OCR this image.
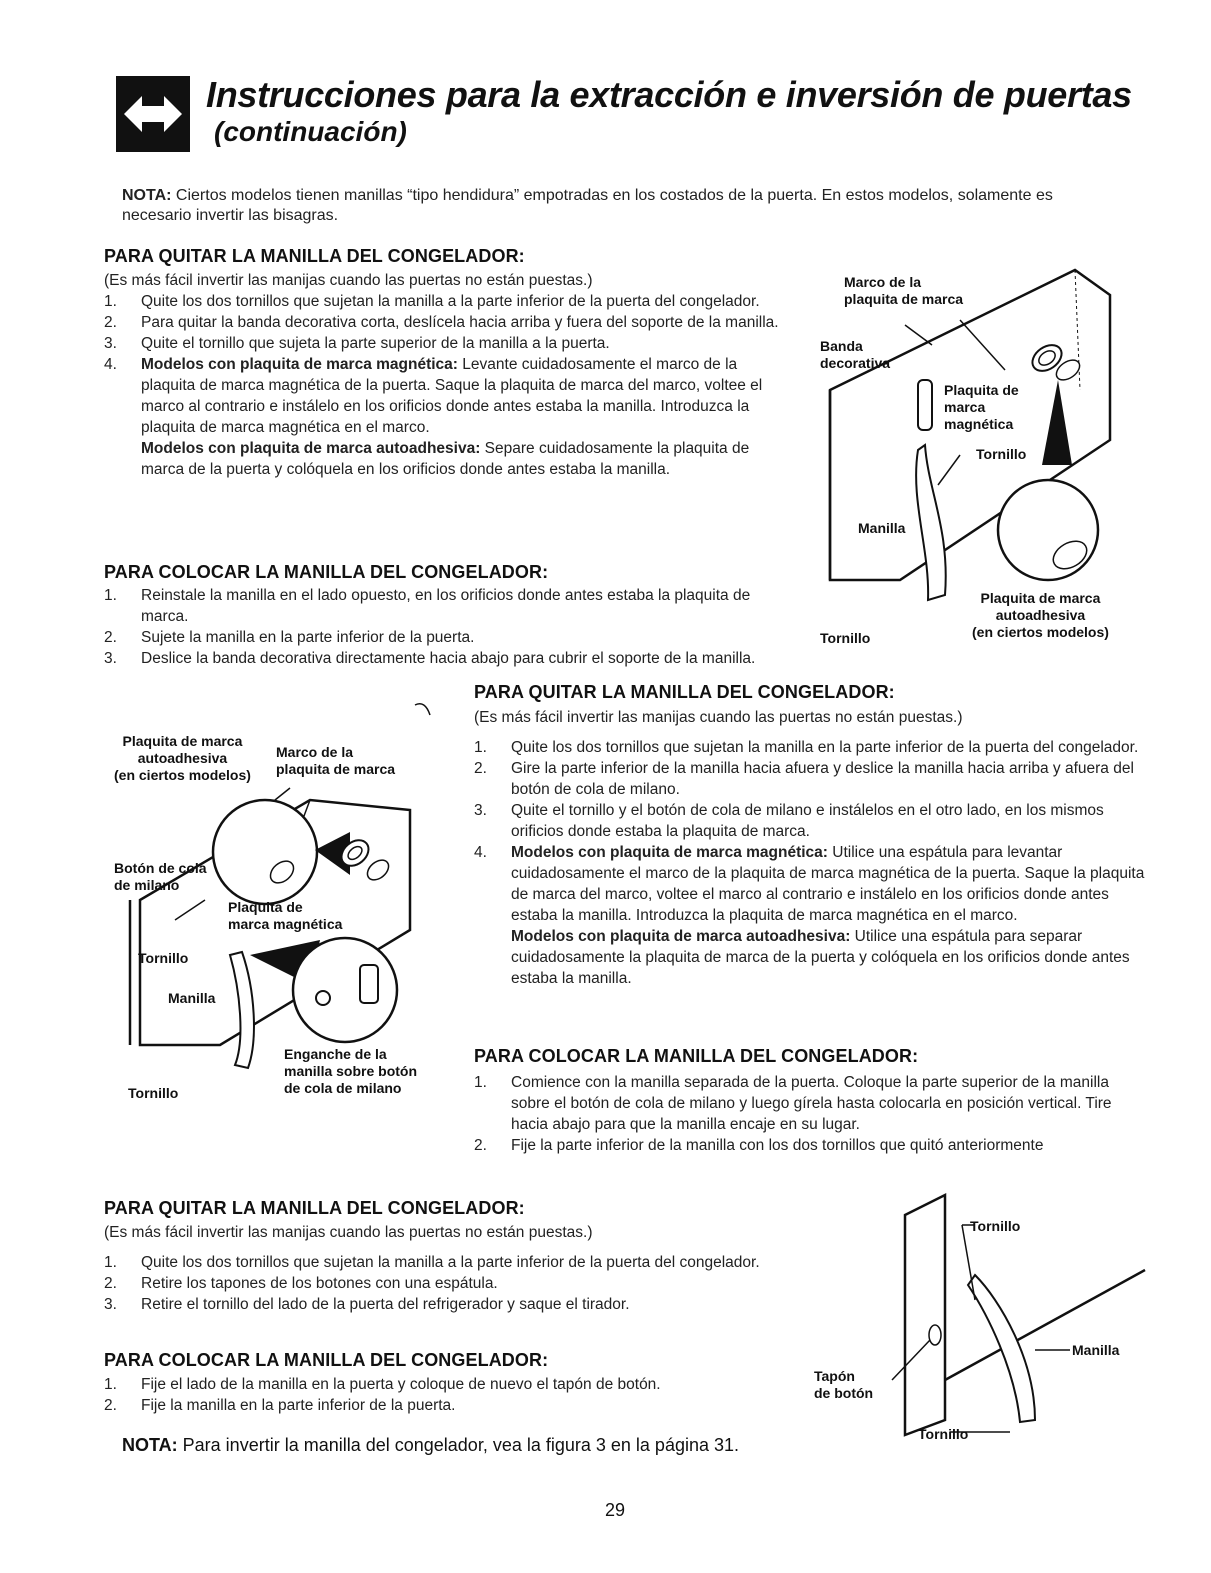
Instrucciones para la extracción e inversión de puertas
(continuación)
NOTA: Ciertos modelos tienen manillas “tipo hendidura” empotradas en los costados de la puerta. En estos modelos, solamente es necesario invertir las bisagras.
PARA QUITAR LA MANILLA DEL CONGELADOR:
(Es más fácil invertir las manijas cuando las puertas no están puestas.)
1. Quite los dos tornillos que sujetan la manilla a la parte inferior de la puerta del congelador.
2. Para quitar la banda decorativa corta, deslícela hacia arriba y fuera del soporte de la manilla.
3. Quite el tornillo que sujeta la parte superior de la manilla a la puerta.
4. Modelos con plaquita de marca magnética: Levante cuidadosamente el marco de la plaquita de marca magnética de la puerta. Saque la plaquita de marca del marco, voltee el marco al contrario e instálelo en los orificios donde antes estaba la manilla. Introduzca la plaquita de marca magnética en el marco.
Modelos con plaquita de marca autoadhesiva: Separe cuidadosamente la plaquita de marca de la puerta y colóquela en los orificios donde antes estaba la manilla.
PARA COLOCAR LA MANILLA DEL CONGELADOR:
1. Reinstale la manilla en el lado opuesto, en los orificios donde antes estaba la plaquita de marca.
2. Sujete la manilla en la parte inferior de la puerta.
3. Deslice la banda decorativa directamente hacia abajo para cubrir el soporte de la manilla.
Marco de la
plaquita de marca
Banda
decorativa
Plaquita de
marca
magnética
Tornillo
Manilla
Plaquita de marca
autoadhesiva
(en ciertos modelos)
Tornillo
PARA QUITAR LA MANILLA DEL CONGELADOR:
(Es más fácil invertir las manijas cuando las puertas no están puestas.)
1. Quite los dos tornillos que sujetan la manilla en la parte inferior de la puerta del congelador.
2. Gire la parte inferior de la manilla hacia afuera y deslice la manilla hacia arriba y afuera del botón de cola de milano.
3. Quite el tornillo y el botón de cola de milano e instálelos en el otro lado, en los mismos orificios donde estaba la plaquita de marca.
4. Modelos con plaquita de marca magnética: Utilice una espátula para levantar cuidadosamente el marco de la plaquita de marca magnética de la puerta. Saque la plaquita de marca del marco, voltee el marco al contrario e instálelo en los orificios donde antes estaba la manilla. Introduzca la plaquita de marca magnética en el marco.
Modelos con plaquita de marca autoadhesiva: Utilice una espátula para separar cuidadosamente la plaquita de marca de la puerta y colóquela en los orificios donde antes estaba la manilla.
PARA COLOCAR LA MANILLA DEL CONGELADOR:
1. Comience con la manilla separada de la puerta. Coloque la parte superior de la manilla sobre el botón de cola de milano y luego gírela hasta colocarla en posición vertical. Tire hacia abajo para que la manilla encaje en su lugar.
2. Fije la parte inferior de la manilla con los dos tornillos que quitó anteriormente
Plaquita de marca
autoadhesiva
(en ciertos modelos)
Marco de la
plaquita de marca
Botón de cola
de milano
Plaquita de
marca magnética
Tornillo
Manilla
Enganche de la
manilla sobre botón
de cola de milano
Tornillo
PARA QUITAR LA MANILLA DEL CONGELADOR:
(Es más fácil invertir las manijas cuando las puertas no están puestas.)
1. Quite los dos tornillos que sujetan la manilla a la parte inferior de la puerta del congelador.
2. Retire los tapones de los botones con una espátula.
3. Retire el tornillo del lado de la puerta del refrigerador y saque el tirador.
PARA COLOCAR LA MANILLA DEL CONGELADOR:
1. Fije el lado de la manilla en la puerta y coloque de nuevo el tapón de botón.
2. Fije la manilla en la parte inferior de la puerta.
Tornillo
Manilla
Tapón
de botón
Tornillo
NOTA: Para invertir la manilla del congelador, vea la figura 3 en la página 31.
29
